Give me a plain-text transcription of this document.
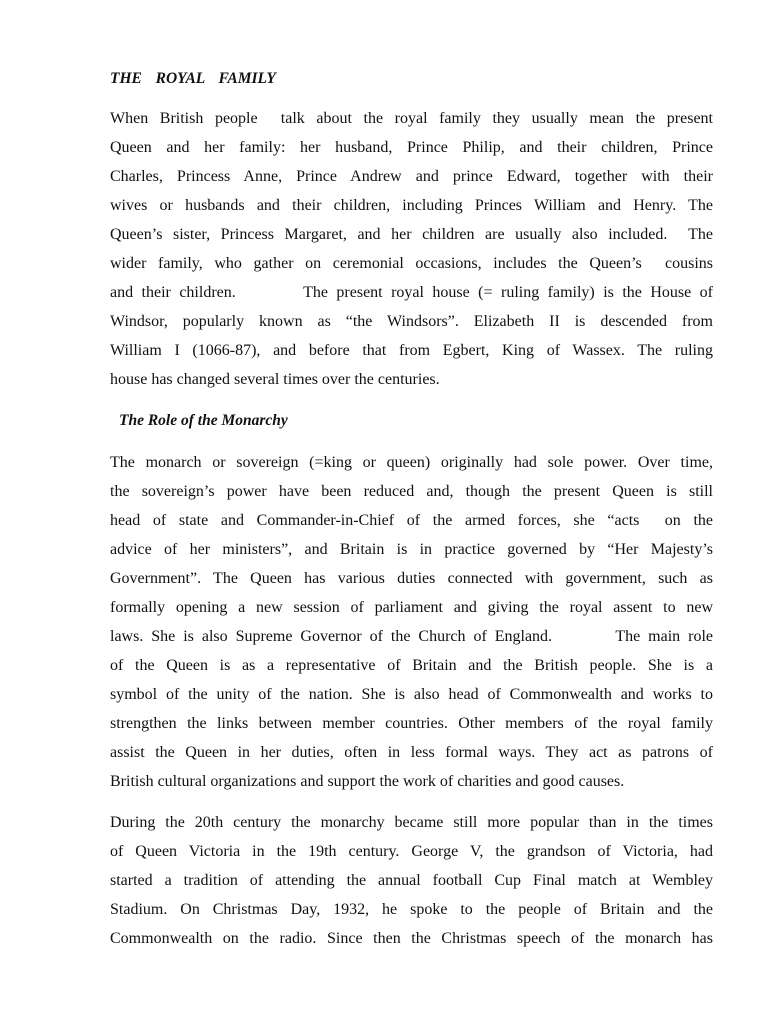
THE  ROYAL  FAMILY
When British people  talk about the royal family they usually mean the present
Queen and her family: her husband, Prince Philip, and their children, Prince
Charles, Princess Anne, Prince Andrew and prince Edward, together with their
wives or husbands and their children, including Princes William and Henry. The
Queen’s sister, Princess Margaret, and her children are usually also included.  The
wider family, who gather on ceremonial occasions, includes the Queen’s  cousins
and their children.        The present royal house (= ruling family) is the House of
Windsor, popularly known as “the Windsors”. Elizabeth II is descended from
William I (1066-87), and before that from Egbert, King of Wassex. The ruling
house has changed several times over the centuries.
The Role of the Monarchy
The monarch or sovereign (=king or queen) originally had sole power. Over time,
the sovereign’s power have been reduced and, though the present Queen is still
head of state and Commander-in-Chief of the armed forces, she “acts  on the
advice of her ministers”, and Britain is in practice governed by “Her Majesty’s
Government”. The Queen has various duties connected with government, such as
formally opening a new session of parliament and giving the royal assent to new
laws. She is also Supreme Governor of the Church of England.        The main role
of the Queen is as a representative of Britain and the British people. She is a
symbol of the unity of the nation. She is also head of Commonwealth and works to
strengthen the links between member countries. Other members of the royal family
assist the Queen in her duties, often in less formal ways. They act as patrons of
British cultural organizations and support the work of charities and good causes.
During the 20th century the monarchy became still more popular than in the times
of Queen Victoria in the 19th century. George V, the grandson of Victoria, had
started a tradition of attending the annual football Cup Final match at Wembley
Stadium. On Christmas Day, 1932, he spoke to the people of Britain and the
Commonwealth on the radio. Since then the Christmas speech of the monarch has
